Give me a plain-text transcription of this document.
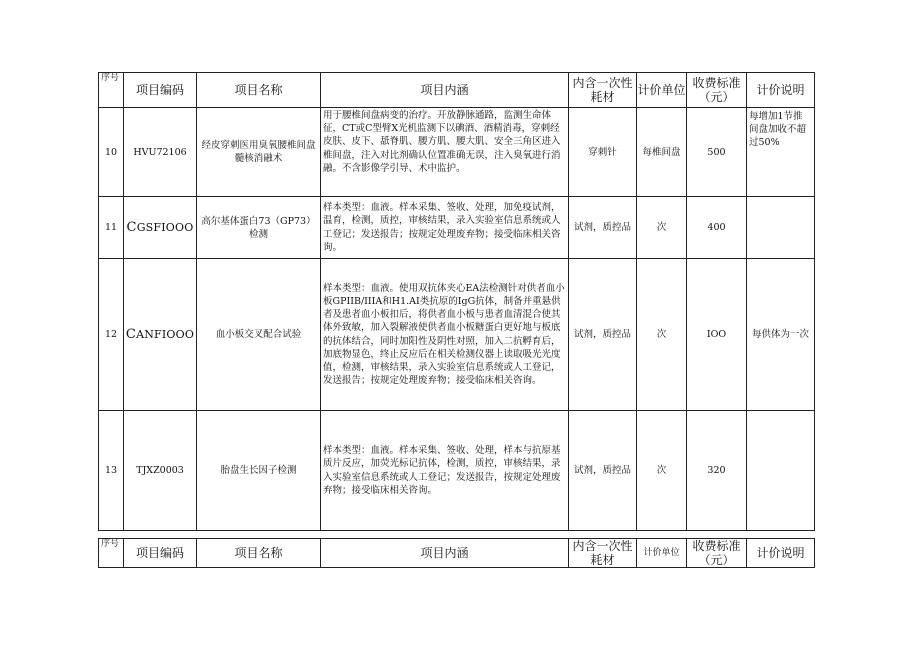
序号	项目编码	项目名称	项目内涵	内含一次性耗材	计价单位	收费标准（元）	计价说明
10	HVU72106	经皮穿刺医用臭氧腰椎间盘髓核消融术	用于腰椎间盘病变的治疗。开放静脉通路，监测生命体征，CT或C型臂X光机监测下以碘酒、酒精消毒，穿刺经皮肤、皮下、舐脊肌、腰方肌、腰大肌、安全三角区进入椎间盘，注入对比剂确认位置准确无误，注入臭氧进行消融。不含影像学引导、术中监护。	穿刺针	每椎间盘	500	每增加1节推间盘加收不超过50%
11	CGSFIOOO	高尔基体蛋白73（GP73）检测	样本类型：血液。样本采集、签收、处理，加免疫试剂，温育，检测，质控，审核结果，录入实验室信息系统或人工登记；发送报告；按规定处理废弃物；接受临床相关咨询。	试剂，质控品	次	400	
12	CANFIOOO	血小板交叉配合试验	样本类型：血液。使用双抗体夹心EA法检测针对供者血小板GPIIB/IIIA和H1.AI类抗原的IgG抗体，制备并重悬供者及患者血小板扣后，将供者血小板与患者血清混合使其体外致敏，加入裂解液使供者血小板糖蛋白更好地与板底的抗体结合，同时加阳性及阴性对照，加入二抗孵育后，加底物显色，终止反应后在相关检测仪器上读取吸光光度值，检测，审核结果，录入实验室信息系统或人工登记，发送报告；按规定处理废弃物；接受临床相关咨询。	试剂，质控品	次	IOO	每供体为一次
13	TJXZ0003	胎盘生长因子检测	样本类型：血液。样本采集、签收、处理，样本与抗原基质片反应，加荧光标记抗体，检测，质控，审核结果，录入实验室信息系统或人工登记；发送报告，按规定处理废弃物；接受临床相关咨询。	试剂，质控品	次	320	
序号	项目编码	项目名称	项目内涵	内含一次性耗材	计价单位	收费标准（元）	计价说明
